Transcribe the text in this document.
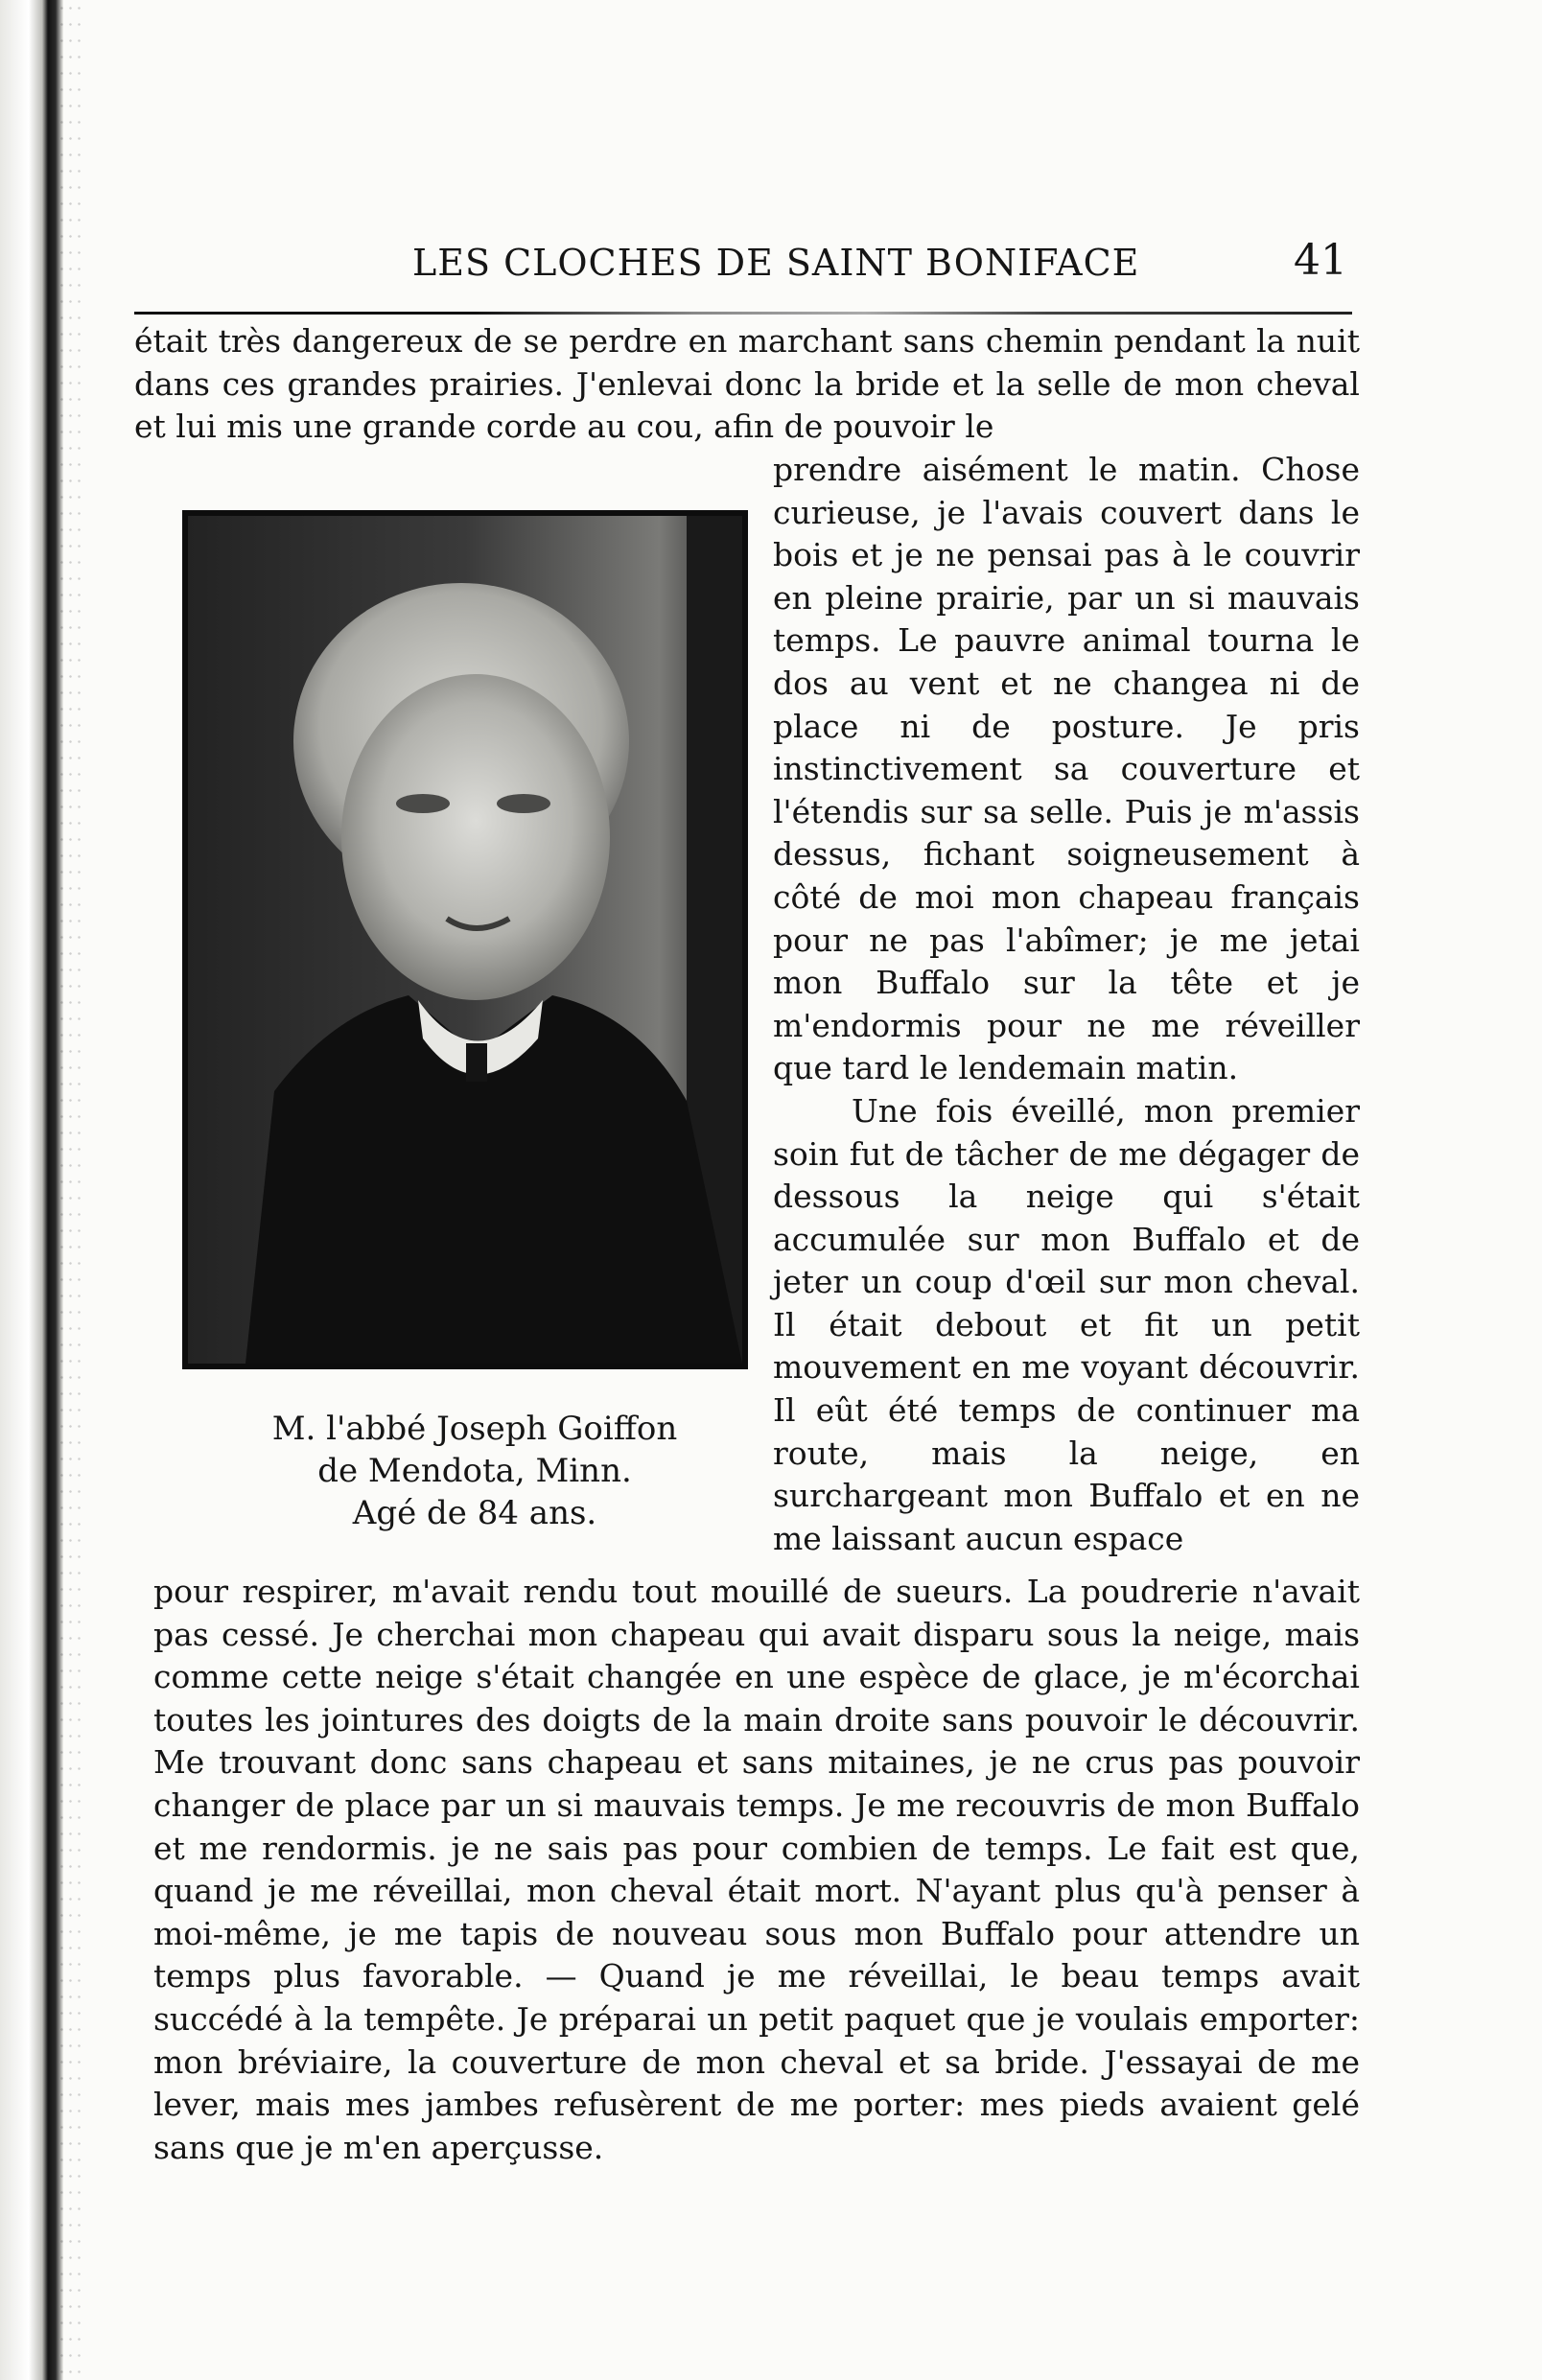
LES CLOCHES DE SAINT BONIFACE	41

était très dangereux de se perdre en marchant sans chemin pendant la nuit dans ces grandes prairies. J'enlevai donc la bride et la selle de mon cheval et lui mis une grande corde au cou, afin de pouvoir le

M. l'abbé Joseph Goiffon
de Mendota, Minn.
Agé de 84 ans.

prendre aisément le matin. Chose curieuse, je l'avais couvert dans le bois et je ne pensai pas à le couvrir en pleine prairie, par un si mauvais temps. Le pauvre animal tourna le dos au vent et ne changea ni de place ni de posture. Je pris instinctivement sa couverture et l'étendis sur sa selle. Puis je m'assis dessus, fichant soigneusement à côté de moi mon chapeau français pour ne pas l'abîmer; je me jetai mon Buffalo sur la tête et je m'endormis pour ne me réveiller que tard le lendemain matin.

Une fois éveillé, mon premier soin fut de tâcher de me dégager de dessous la neige qui s'était accumulée sur mon Buffalo et de jeter un coup d'œil sur mon cheval. Il était debout et fit un petit mouvement en me voyant découvrir. Il eût été temps de continuer ma route, mais la neige, en surchargeant mon Buffalo et en ne me laissant aucun espace

pour respirer, m'avait rendu tout mouillé de sueurs. La poudrerie n'avait pas cessé. Je cherchai mon chapeau qui avait disparu sous la neige, mais comme cette neige s'était changée en une espèce de glace, je m'écorchai toutes les jointures des doigts de la main droite sans pouvoir le découvrir. Me trouvant donc sans chapeau et sans mitaines, je ne crus pas pouvoir changer de place par un si mauvais temps. Je me recouvris de mon Buffalo et me rendormis. je ne sais pas pour combien de temps. Le fait est que, quand je me réveillai, mon cheval était mort. N'ayant plus qu'à penser à moi-même, je me tapis de nouveau sous mon Buffalo pour attendre un temps plus favorable. — Quand je me réveillai, le beau temps avait succédé à la tempête. Je préparai un petit paquet que je voulais emporter: mon bréviaire, la couverture de mon cheval et sa bride. J'essayai de me lever, mais mes jambes refusèrent de me porter: mes pieds avaient gelé sans que je m'en aperçusse.
